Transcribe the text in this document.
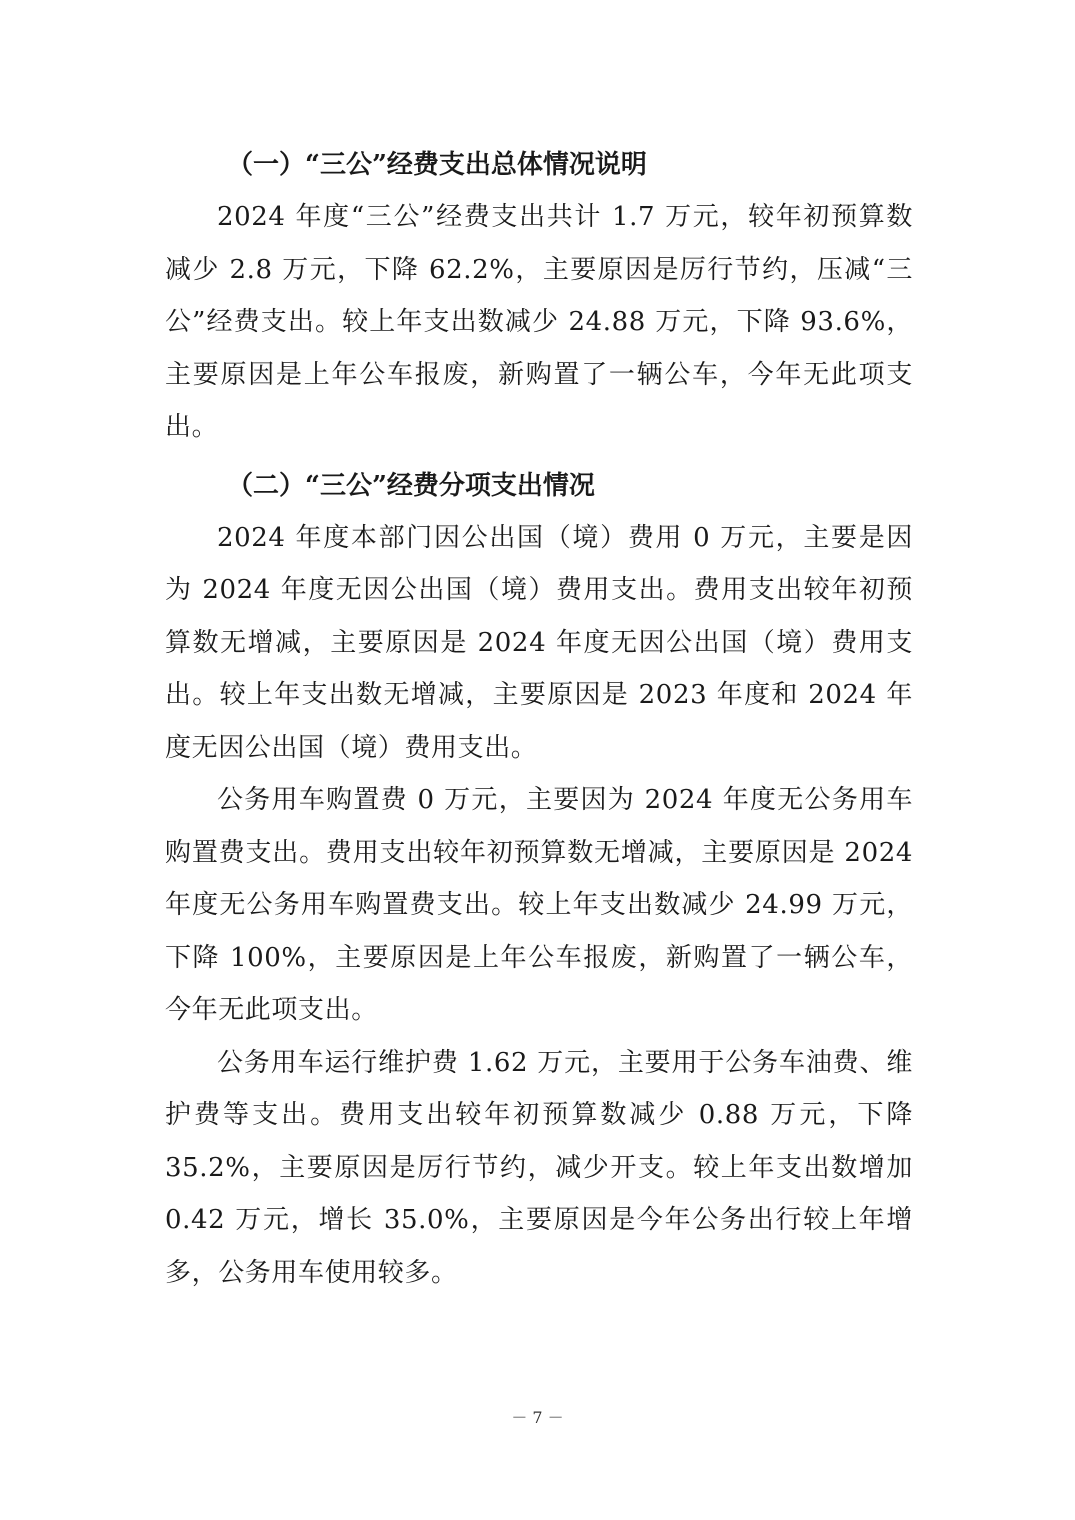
（一）“三公”经费支出总体情况说明

2024 年度“三公”经费支出共计 1.7 万元，较年初预算数减少 2.8 万元，下降 62.2%，主要原因是厉行节约，压减“三公”经费支出。较上年支出数减少 24.88 万元，下降 93.6%，主要原因是上年公车报废，新购置了一辆公车，今年无此项支出。

（二）“三公”经费分项支出情况

2024 年度本部门因公出国（境）费用 0 万元，主要是因为 2024 年度无因公出国（境）费用支出。费用支出较年初预算数无增减，主要原因是 2024 年度无因公出国（境）费用支出。较上年支出数无增减，主要原因是 2023 年度和 2024 年度无因公出国（境）费用支出。

公务用车购置费 0 万元，主要因为 2024 年度无公务用车购置费支出。费用支出较年初预算数无增减，主要原因是 2024 年度无公务用车购置费支出。较上年支出数减少 24.99 万元，下降 100%，主要原因是上年公车报废，新购置了一辆公车，今年无此项支出。

公务用车运行维护费 1.62 万元，主要用于公务车油费、维护费等支出。费用支出较年初预算数减少 0.88 万元，下降 35.2%，主要原因是厉行节约，减少开支。较上年支出数增加 0.42 万元，增长 35.0%，主要原因是今年公务出行较上年增多，公务用车使用较多。

－ 7 －
